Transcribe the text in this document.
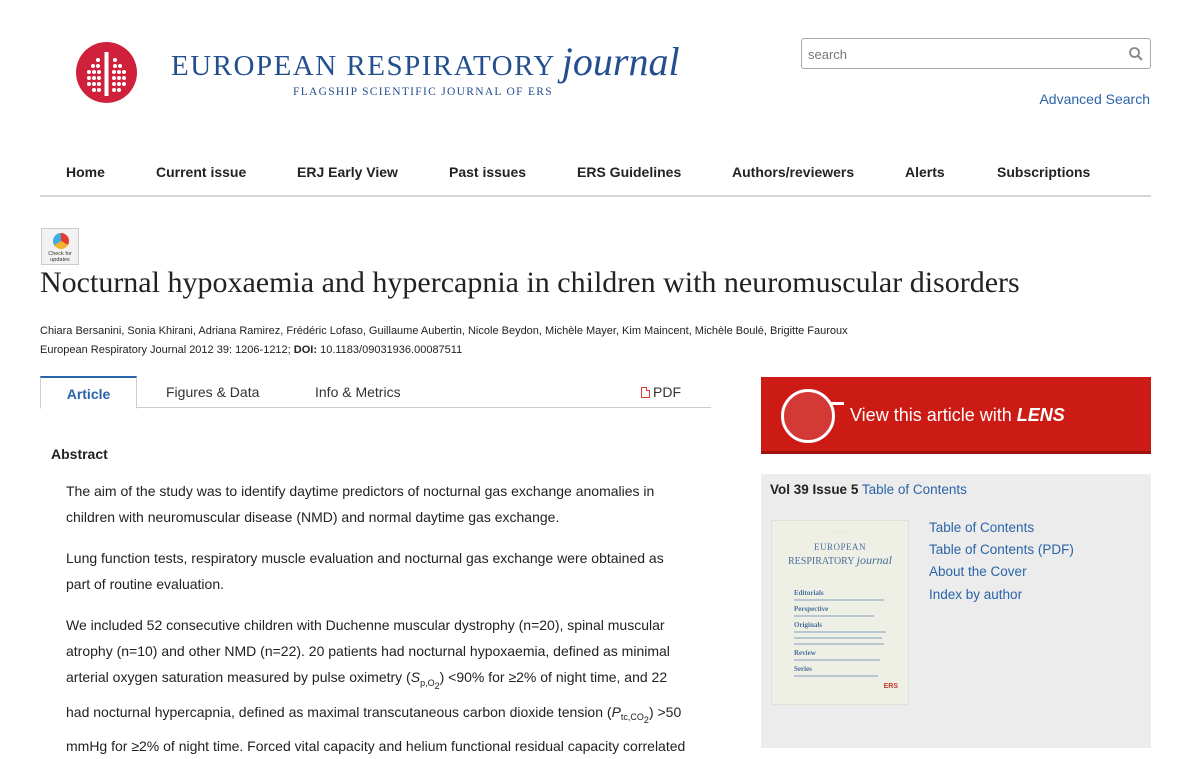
EUROPEAN RESPIRATORY journal
FLAGSHIP SCIENTIFIC JOURNAL OF ERS
search	Advanced Search
Home	Current issue	ERJ Early View	Past issues	ERS Guidelines	Authors/reviewers	Alerts	Subscriptions
Check for updates
Nocturnal hypoxaemia and hypercapnia in children with neuromuscular disorders
Chiara Bersanini, Sonia Khirani, Adriana Ramirez, Frédéric Lofaso, Guillaume Aubertin, Nicole Beydon, Michèle Mayer, Kim Maincent, Michèle Boulé, Brigitte Fauroux
European Respiratory Journal 2012 39: 1206-1212; DOI: 10.1183/09031936.00087511
Article	Figures & Data	Info & Metrics	PDF
Abstract

The aim of the study was to identify daytime predictors of nocturnal gas exchange anomalies in children with neuromuscular disease (NMD) and normal daytime gas exchange.

Lung function tests, respiratory muscle evaluation and nocturnal gas exchange were obtained as part of routine evaluation.

We included 52 consecutive children with Duchenne muscular dystrophy (n=20), spinal muscular atrophy (n=10) and other NMD (n=22). 20 patients had nocturnal hypoxaemia, defined as minimal arterial oxygen saturation measured by pulse oximetry $(S_{p,O_2}) <90\%$ for ≥2% of night time, and 22 had nocturnal hypercapnia, defined as maximal transcutaneous carbon dioxide tension $(P_{tc,CO_2}) >50$ mmHg for ≥2% of night time. Forced vital capacity and helium functional residual capacity correlated

View this article with LENS
Vol 39 Issue 5 Table of Contents
· · · · · · · · · · ·
EUROPEAN
RESPIRATORY journal
Editorials
Perspective
Originals
Review
Series
ERS
Table of Contents
Table of Contents (PDF)
About the Cover
Index by author
